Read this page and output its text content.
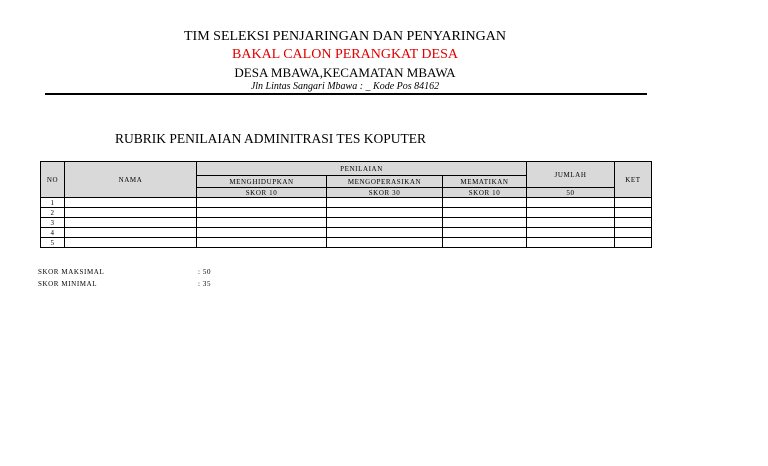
TIM SELEKSI PENJARINGAN DAN PENYARINGAN
BAKAL CALON PERANGKAT DESA
DESA MBAWA,KECAMATAN MBAWA
Jln Lintas Sangari Mbawa : _ Kode Pos 84162
RUBRIK PENILAIAN ADMINITRASI TES KOPUTER
NO	NAMA	PENILAIAN			JUMLAH	KET
		MENGHIDUPKAN	MENGOPERASIKAN	MEMATIKAN		
		SKOR 10	SKOR 30	SKOR 10	50	
1						
2						
3						
4						
5						
SKOR MAKSIMAL	: 50
SKOR MINIMAL	: 35
